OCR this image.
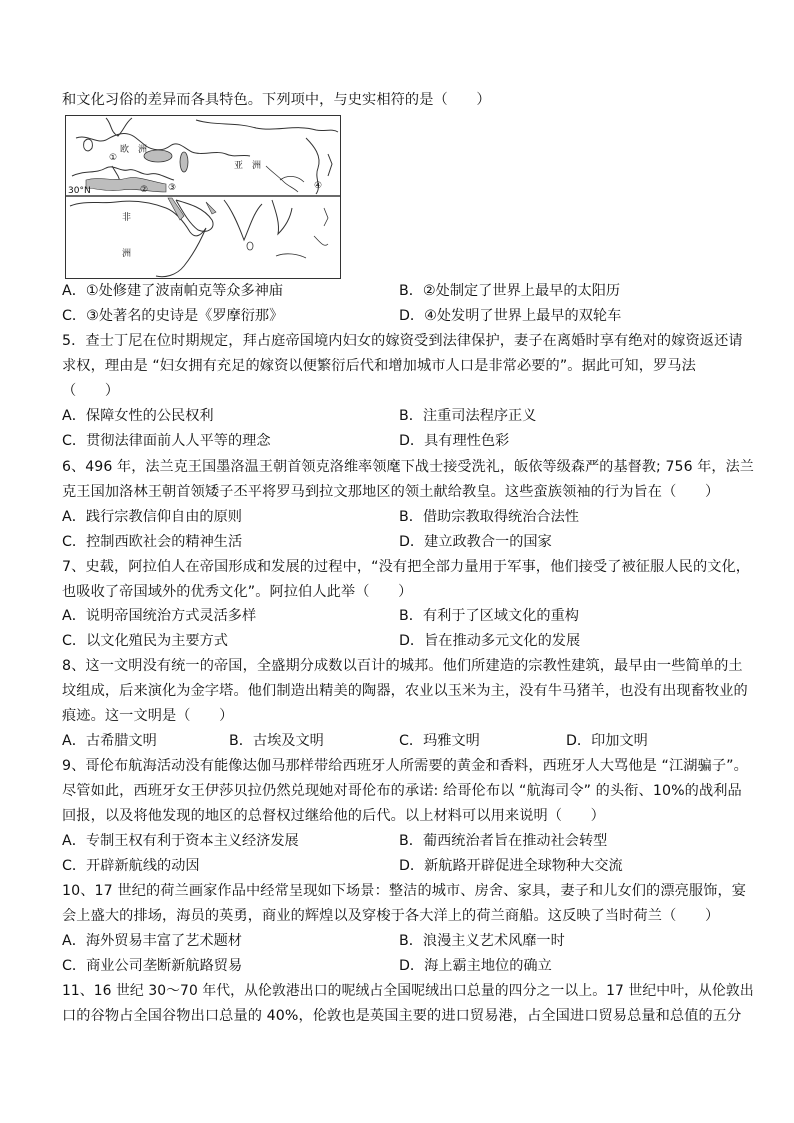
和文化习俗的差异而各具特色。下列项中，与史实相符的是（　　）
欧　洲
亚　洲
非
洲
30°N
①
② ③	④
A．①处修建了波南帕克等众多神庙	B．②处制定了世界上最早的太阳历
C．③处著名的史诗是《罗摩衍那》	D．④处发明了世界上最早的双轮车
5．查士丁尼在位时期规定，拜占庭帝国境内妇女的嫁资受到法律保护，妻子在离婚时享有绝对的嫁资返还请
求权，理由是 “妇女拥有充足的嫁资以便繁衍后代和增加城市人口是非常必要的”。据此可知，罗马法
（　　）
A．保障女性的公民权利	B．注重司法程序正义
C．贯彻法律面前人人平等的理念	D．具有理性色彩
6、496 年，法兰克王国墨洛温王朝首领克洛维率领麾下战士接受洗礼，皈依等级森严的基督教; 756 年，法兰
克王国加洛林王朝首领矮子丕平将罗马到拉文那地区的领土献给教皇。这些蛮族领袖的行为旨在（　　）
A．践行宗教信仰自由的原则	B．借助宗教取得统治合法性
C．控制西欧社会的精神生活	D．建立政教合一的国家
7、史载，阿拉伯人在帝国形成和发展的过程中，“没有把全部力量用于军事，他们接受了被征服人民的文化，
也吸收了帝国域外的优秀文化”。阿拉伯人此举（　　）
A．说明帝国统治方式灵活多样	B．有利于了区域文化的重构
C．以文化殖民为主要方式	D．旨在推动多元文化的发展
8、这一文明没有统一的帝国，全盛期分成数以百计的城邦。他们所建造的宗教性建筑，最早由一些简单的土
坟组成，后来演化为金字塔。他们制造出精美的陶器，农业以玉米为主，没有牛马猪羊，也没有出现畜牧业的
痕迹。这一文明是（　　）
A．古希腊文明	B．古埃及文明	C．玛雅文明	D．印加文明
9、哥伦布航海活动没有能像达伽马那样带给西班牙人所需要的黄金和香料，西班牙人大骂他是 “江湖骗子”。
尽管如此，西班牙女王伊莎贝拉仍然兑现她对哥伦布的承诺: 给哥伦布以 “航海司令” 的头衔、10%的战利品
回报，以及将他发现的地区的总督权过继给他的后代。以上材料可以用来说明（　　）
A．专制王权有利于资本主义经济发展	B．葡西统治者旨在推动社会转型
C．开辟新航线的动因	D．新航路开辟促进全球物种大交流
10、17 世纪的荷兰画家作品中经常呈现如下场景：整洁的城市、房舍、家具，妻子和儿女们的漂亮服饰，宴
会上盛大的排场，海员的英勇，商业的辉煌以及穿梭于各大洋上的荷兰商船。这反映了当时荷兰（　　）
A．海外贸易丰富了艺术题材	B．浪漫主义艺术风靡一时
C．商业公司垄断新航路贸易	D．海上霸主地位的确立
11、16 世纪 30～70 年代，从伦敦港出口的呢绒占全国呢绒出口总量的四分之一以上。17 世纪中叶，从伦敦出
口的谷物占全国谷物出口总量的 40%，伦敦也是英国主要的进口贸易港，占全国进口贸易总量和总值的五分
